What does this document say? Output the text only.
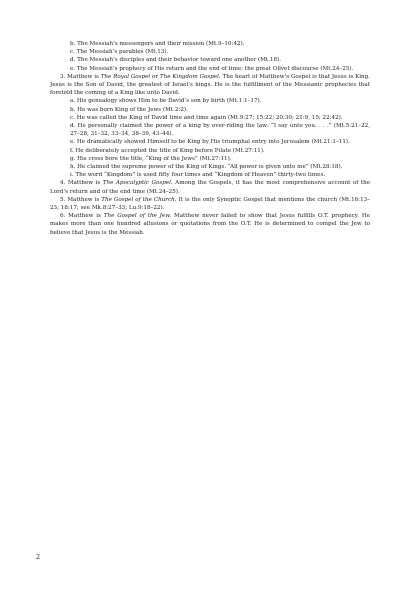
b. The Messiah’s messengers and their mission (Mt.9–10:42).

c. The Messiah’s parables (Mt.13).

d. The Messiah’s disciples and their behavior toward one another (Mt.18).

e. The Messiah’s prophecy of His return and the end of time: the great Olivet discourse (Mt.24–25).

3. Matthew is The Royal Gospel or The Kingdom Gospel. The heart of Matthew’s Gospel is that Jesus is King. Jesus is the Son of David, the greatest of Israel’s kings. He is the fulfillment of the Messianic prophecies that foretold the coming of a King like unto David.

a. His genealogy shows Him to be David’s son by birth (Mt.1:1–17).

b. He was born King of the Jews (Mt.2:2).

c. He was called the King of David time and time again (Mt.9:27; 15:22; 20:30; 21:9, 15; 22:42).

d. He personally claimed the power of a king by over-riding the law: “I say unto you. . . .” (Mt.5:21–22, 27–28, 31–32, 33–34, 38–39, 43–44).

e. He dramatically showed Himself to be King by His triumphal entry into Jerusalem (Mt.21:1–11).

f. He deliberately accepted the title of King before Pilate (Mt.27:11).

g. His cross bore the title, “King of the Jews” (Mt.27:11).

h. He claimed the supreme power of the King of Kings. “All power is given unto me” (Mt.28:18).

i. The word “Kingdom” is used fifty four times and “Kingdom of Heaven” thirty-two times.

4. Matthew is The Apocalyptic Gospel. Among the Gospels, it has the most comprehensive account of the Lord’s return and of the end time (Mt.24–25).

5. Matthew is The Gospel of the Church. It is the only Synoptic Gospel that mentions the church (Mt.16:13–23; 18:17; see Mk.8:27–33; Lu.9:18–22).

6. Matthew is The Gospel of the Jew. Matthew never failed to show that Jesus fulfills O.T. prophecy. He makes more than one hundred allusions or quotations from the O.T. He is determined to compel the Jew to believe that Jesus is the Messiah.

2
